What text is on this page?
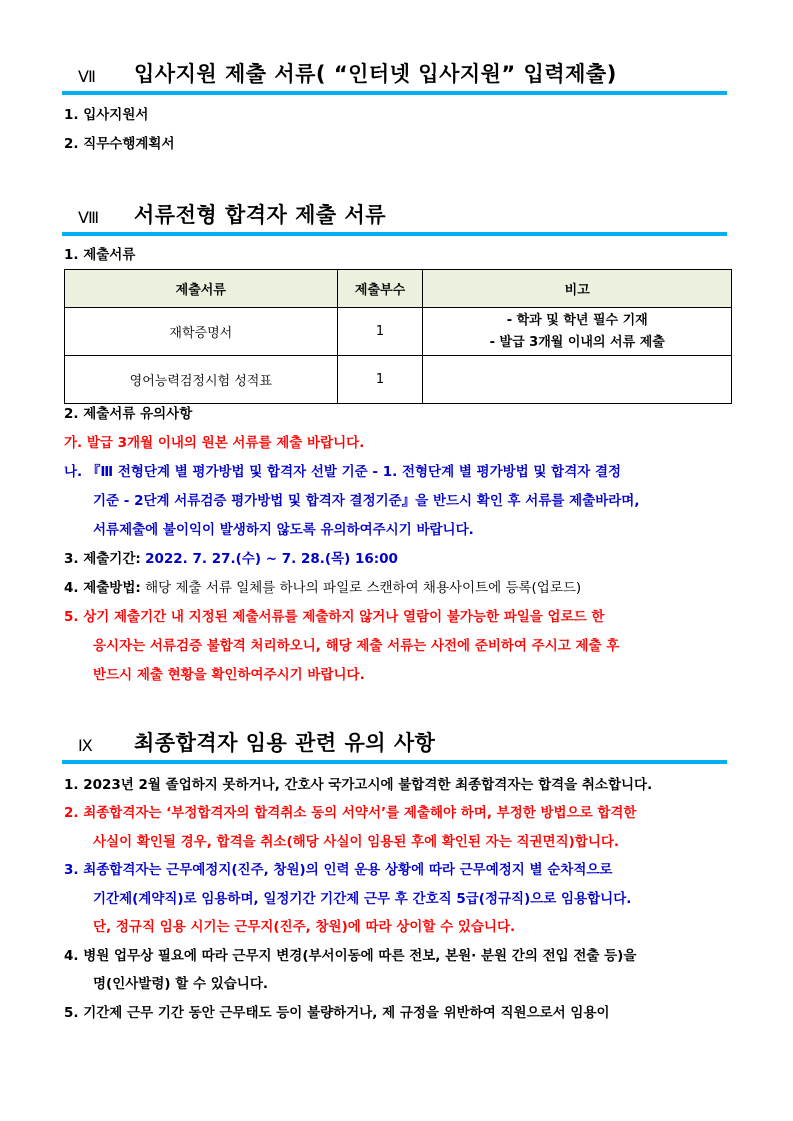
Ⅶ 입사지원 제출 서류( “인터넷 입사지원” 입력제출)
1. 입사지원서
2. 직무수행계획서
Ⅷ 서류전형 합격자 제출 서류
1. 제출서류
제출서류	제출부수	비고
재학증명서	1	- 학과 및 학년 필수 기재
- 발급 3개월 이내의 서류 제출

영어능력검정시험 성적표	1	
2. 제출서류 유의사항
가. 발급 3개월 이내의 원본 서류를 제출 바랍니다.
나. 『Ⅲ 전형단계 별 평가방법 및 합격자 선발 기준 - 1. 전형단계 별 평가방법 및 합격자 결정
기준 - 2단계 서류검증 평가방법 및 합격자 결정기준』을 반드시 확인 후 서류를 제출바라며,
서류제출에 불이익이 발생하지 않도록 유의하여주시기 바랍니다.
3. 제출기간: 2022. 7. 27.(수) ~ 7. 28.(목) 16:00
4. 제출방법: 해당 제출 서류 일체를 하나의 파일로 스캔하여 채용사이트에 등록(업로드)
5. 상기 제출기간 내 지정된 제출서류를 제출하지 않거나 열람이 불가능한 파일을 업로드 한
응시자는 서류검증 불합격 처리하오니, 해당 제출 서류는 사전에 준비하여 주시고 제출 후
반드시 제출 현황을 확인하여주시기 바랍니다.
Ⅸ 최종합격자 임용 관련 유의 사항
1. 2023년 2월 졸업하지 못하거나, 간호사 국가고시에 불합격한 최종합격자는 합격을 취소합니다.
2. 최종합격자는 ‘부정합격자의 합격취소 동의 서약서’를 제출해야 하며, 부정한 방법으로 합격한
사실이 확인될 경우, 합격을 취소(해당 사실이 임용된 후에 확인된 자는 직권면직)합니다.
3. 최종합격자는 근무예정지(진주, 창원)의 인력 운용 상황에 따라 근무예정지 별 순차적으로
기간제(계약직)로 임용하며, 일정기간 기간제 근무 후 간호직 5급(정규직)으로 임용합니다.
단, 정규직 임용 시기는 근무지(진주, 창원)에 따라 상이할 수 있습니다.
4. 병원 업무상 필요에 따라 근무지 변경(부서이동에 따른 전보, 본원· 분원 간의 전입 전출 등)을
명(인사발령) 할 수 있습니다.
5. 기간제 근무 기간 동안 근무태도 등이 불량하거나, 제 규정을 위반하여 직원으로서 임용이
